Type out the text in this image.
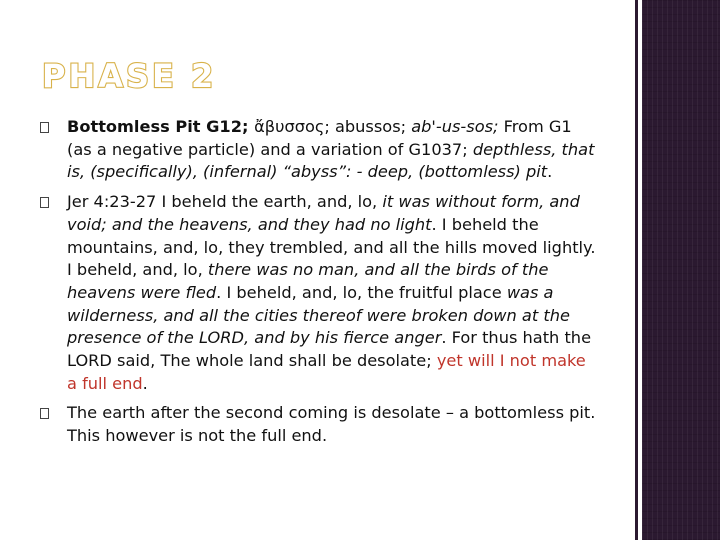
PHASE 2
Bottomless Pit G12; ἄβυσσος; abussos; ab'-us-sos; From G1 (as a negative particle) and a variation of G1037; depthless, that is, (specifically), (infernal) “abyss”: - deep, (bottomless) pit.
Jer 4:23-27 I beheld the earth, and, lo, it was without form, and void; and the heavens, and they had no light. I beheld the mountains, and, lo, they trembled, and all the hills moved lightly. I beheld, and, lo, there was no man, and all the birds of the heavens were fled. I beheld, and, lo, the fruitful place was a wilderness, and all the cities thereof were broken down at the presence of the LORD, and by his fierce anger. For thus hath the LORD said, The whole land shall be desolate; yet will I not make a full end.
The earth after the second coming is desolate – a bottomless pit. This however is not the full end.
